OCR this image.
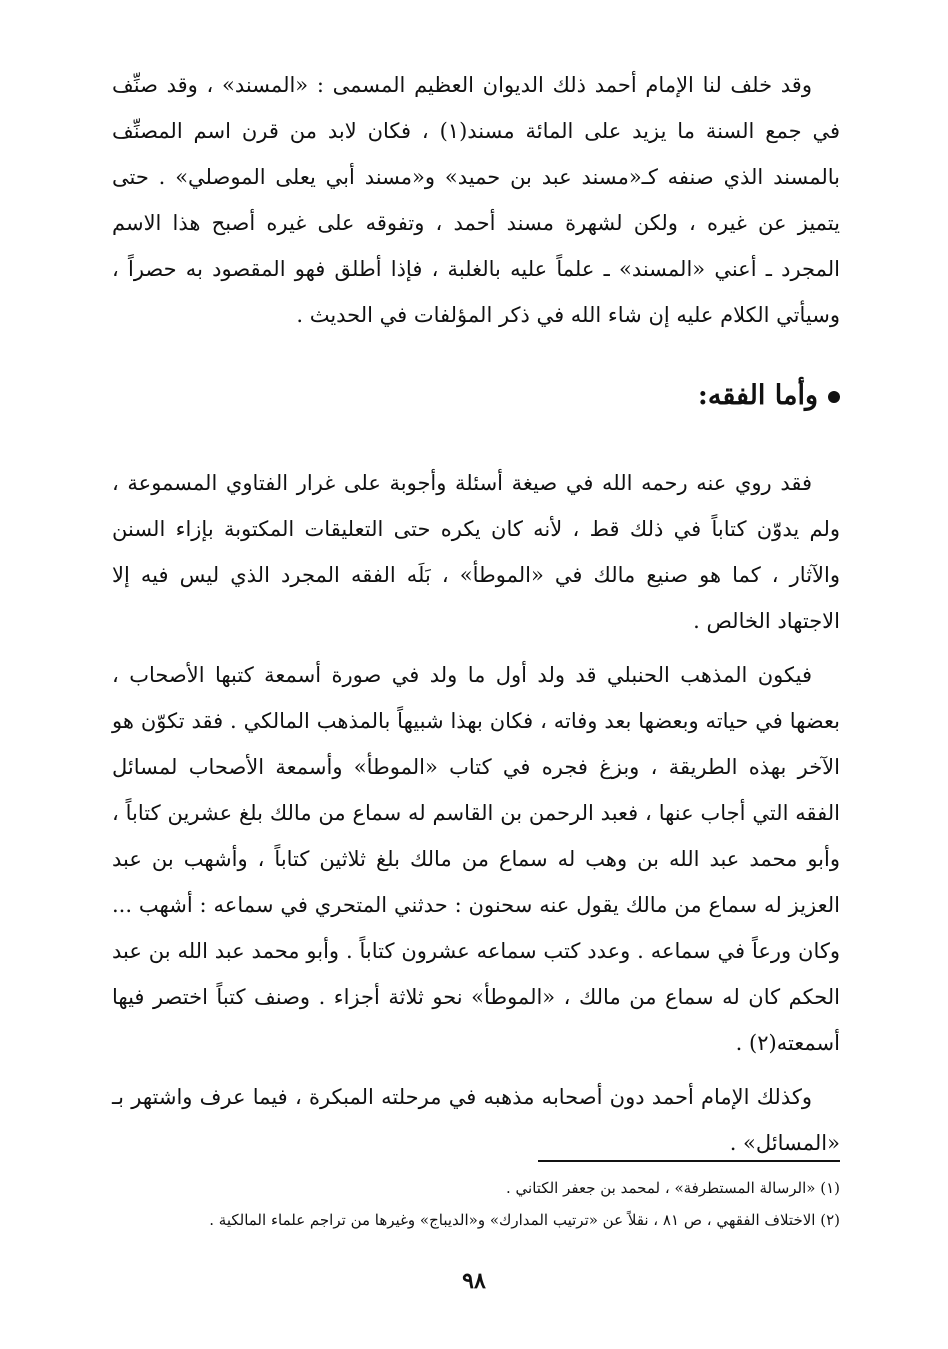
وقد خلف لنا الإمام أحمد ذلك الديوان العظيم المسمى : «المسند» ، وقد صنِّف في جمع السنة ما يزيد على المائة مسند(١) ، فكان لابد من قرن اسم المصنِّف بالمسند الذي صنفه كـ«مسند عبد بن حميد» و«مسند أبي يعلى الموصلي» . حتى يتميز عن غيره ، ولكن لشهرة مسند أحمد ، وتفوقه على غيره أصبح هذا الاسم المجرد ـ أعني «المسند» ـ علماً عليه بالغلبة ، فإذا أطلق فهو المقصود به حصراً ، وسيأتي الكلام عليه إن شاء الله في ذكر المؤلفات في الحديث .

وأما الفقه:

فقد روي عنه رحمه الله في صيغة أسئلة وأجوبة على غرار الفتاوي المسموعة ، ولم يدوّن كتاباً في ذلك قط ، لأنه كان يكره حتى التعليقات المكتوبة بإزاء السنن والآثار ، كما هو صنيع مالك في «الموطأ» ، بَلَه الفقه المجرد الذي ليس فيه إلا الاجتهاد الخالص .

فيكون المذهب الحنبلي قد ولد أول ما ولد في صورة أسمعة كتبها الأصحاب ، بعضها في حياته وبعضها بعد وفاته ، فكان بهذا شبيهاً بالمذهب المالكي . فقد تكوّن هو الآخر بهذه الطريقة ، وبزغ فجره في كتاب «الموطأ» وأسمعة الأصحاب لمسائل الفقه التي أجاب عنها ، فعبد الرحمن بن القاسم له سماع من مالك بلغ عشرين كتاباً ، وأبو محمد عبد الله بن وهب له سماع من مالك بلغ ثلاثين كتاباً ، وأشهب بن عبد العزيز له سماع من مالك يقول عنه سحنون : حدثني المتحري في سماعه : أشهب ... وكان ورعاً في سماعه . وعدد كتب سماعه عشرون كتاباً . وأبو محمد عبد الله بن عبد الحكم كان له سماع من مالك ، «الموطأ» نحو ثلاثة أجزاء . وصنف كتباً اختصر فيها أسمعته(٢) .

وكذلك الإمام أحمد دون أصحابه مذهبه في مرحلته المبكرة ، فيما عرف واشتهر بـ «المسائل» .

(١) «الرسالة المستطرفة» ، لمحمد بن جعفر الكتاني .

(٢) الاختلاف الفقهي ، ص ٨١ ، نقلاً عن «ترتيب المدارك» و«الديباج» وغيرها من تراجم علماء المالكية .

٩٨
